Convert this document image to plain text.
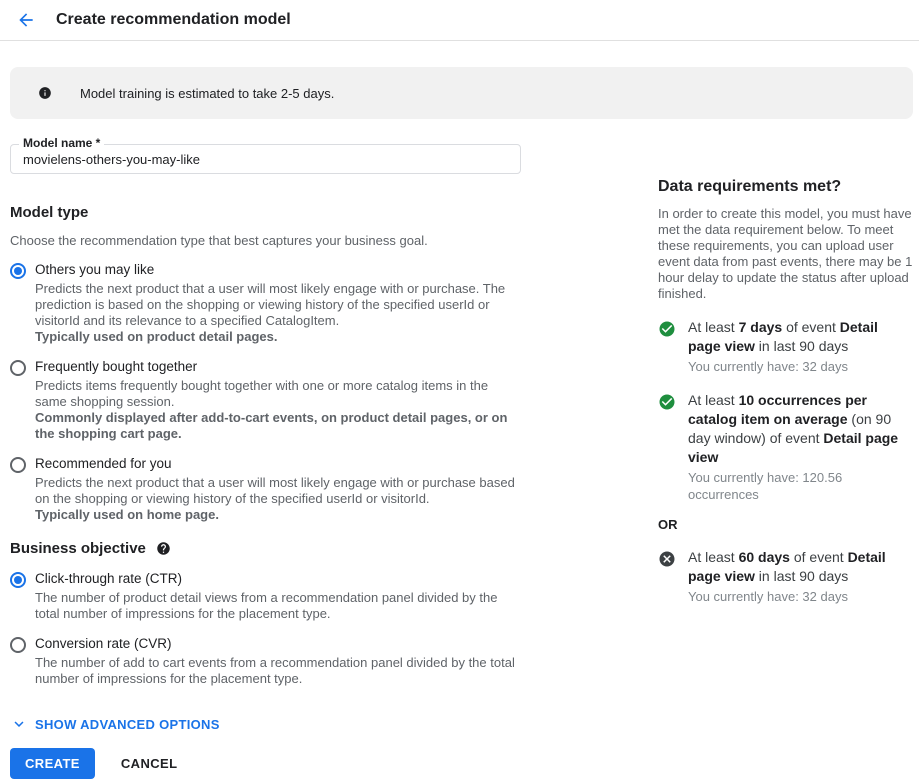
Create recommendation model
Model training is estimated to take 2-5 days.
Model name *
movielens-others-you-may-like
Model type

Choose the recommendation type that best captures your business goal.

Others you may like
Predicts the next product that a user will most likely engage with or purchase. The prediction is based on the shopping or viewing history of the specified userId or visitorId and its relevance to a specified CatalogItem.
Typically used on product detail pages.
Frequently bought together
Predicts items frequently bought together with one or more catalog items in the same shopping session.
Commonly displayed after add-to-cart events, on product detail pages, or on the shopping cart page.
Recommended for you
Predicts the next product that a user will most likely engage with or purchase based on the shopping or viewing history of the specified userId or visitorId.
Typically used on home page.
Business objective
Click-through rate (CTR)
The number of product detail views from a recommendation panel divided by the total number of impressions for the placement type.
Conversion rate (CVR)
The number of add to cart events from a recommendation panel divided by the total number of impressions for the placement type.
SHOW ADVANCED OPTIONS
CREATE	CANCEL
Data requirements met?

In order to create this model, you must have met the data requirement below. To meet these requirements, you can upload user event data from past events, there may be 1 hour delay to update the status after upload finished.

At least 7 days of event Detail page view in last 90 days
You currently have: 32 days
At least 10 occurrences per catalog item on average (on 90 day window) of event Detail page view
You currently have: 120.56 occurrences
OR
At least 60 days of event Detail page view in last 90 days
You currently have: 32 days
